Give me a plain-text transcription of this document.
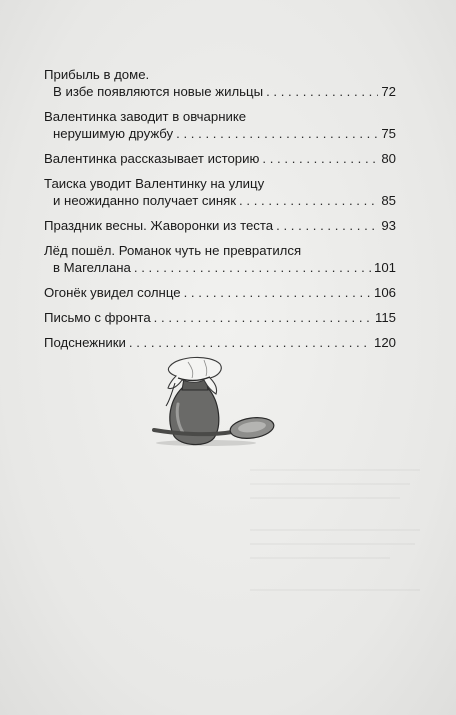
Прибыль в доме.
В избе появляются новые жильцы . . .	72
Валентинка заводит в овчарнике
нерушимую дружбу . . .	75
Валентинка рассказывает историю . . .	80
Таиска уводит Валентинку на улицу
и неожиданно получает синяк . . .	85
Праздник весны. Жаворонки из теста . . .	93
Лёд пошёл. Романок чуть не превратился
в Магеллана . . .	101
Огонёк увидел солнце . . .	106
Письмо с фронта . . .	115
Подснежники . . .	120
